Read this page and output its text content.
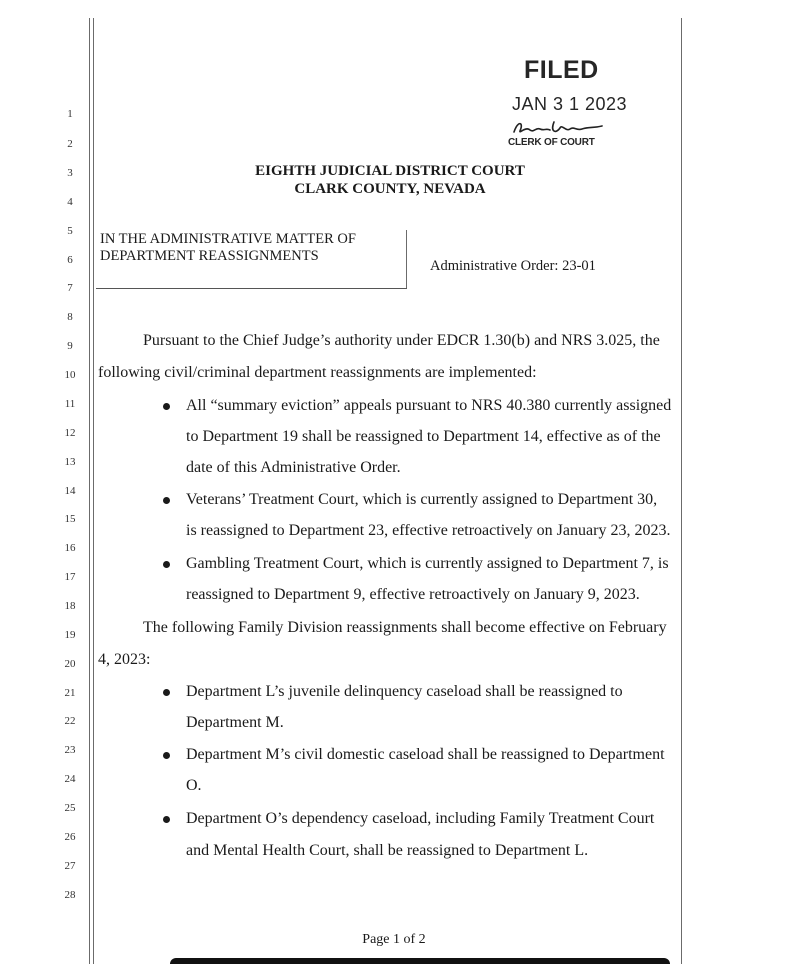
1
2
3
4
5
6
7
8
9
10
11
12
13
14
15
16
17
18
19
20
21
22
23
24
25
26
27
28
FILED
JAN 3 1 2023
CLERK OF COURT
EIGHTH JUDICIAL DISTRICT COURT
CLARK COUNTY, NEVADA
IN THE ADMINISTRATIVE MATTER OF
DEPARTMENT REASSIGNMENTS
Administrative Order: 23-01
Pursuant to the Chief Judge’s authority under EDCR 1.30(b) and NRS 3.025, the
following civil/criminal department reassignments are implemented:
All “summary eviction” appeals pursuant to NRS 40.380 currently assigned
to Department 19 shall be reassigned to Department 14, effective as of the
date of this Administrative Order.
Veterans’ Treatment Court, which is currently assigned to Department 30,
is reassigned to Department 23, effective retroactively on January 23, 2023.
Gambling Treatment Court, which is currently assigned to Department 7, is
reassigned to Department 9, effective retroactively on January 9, 2023.
The following Family Division reassignments shall become effective on February
4, 2023:
Department L’s juvenile delinquency caseload shall be reassigned to
Department M.
Department M’s civil domestic caseload shall be reassigned to Department
O.
Department O’s dependency caseload, including Family Treatment Court
and Mental Health Court, shall be reassigned to Department L.
Page 1 of 2
